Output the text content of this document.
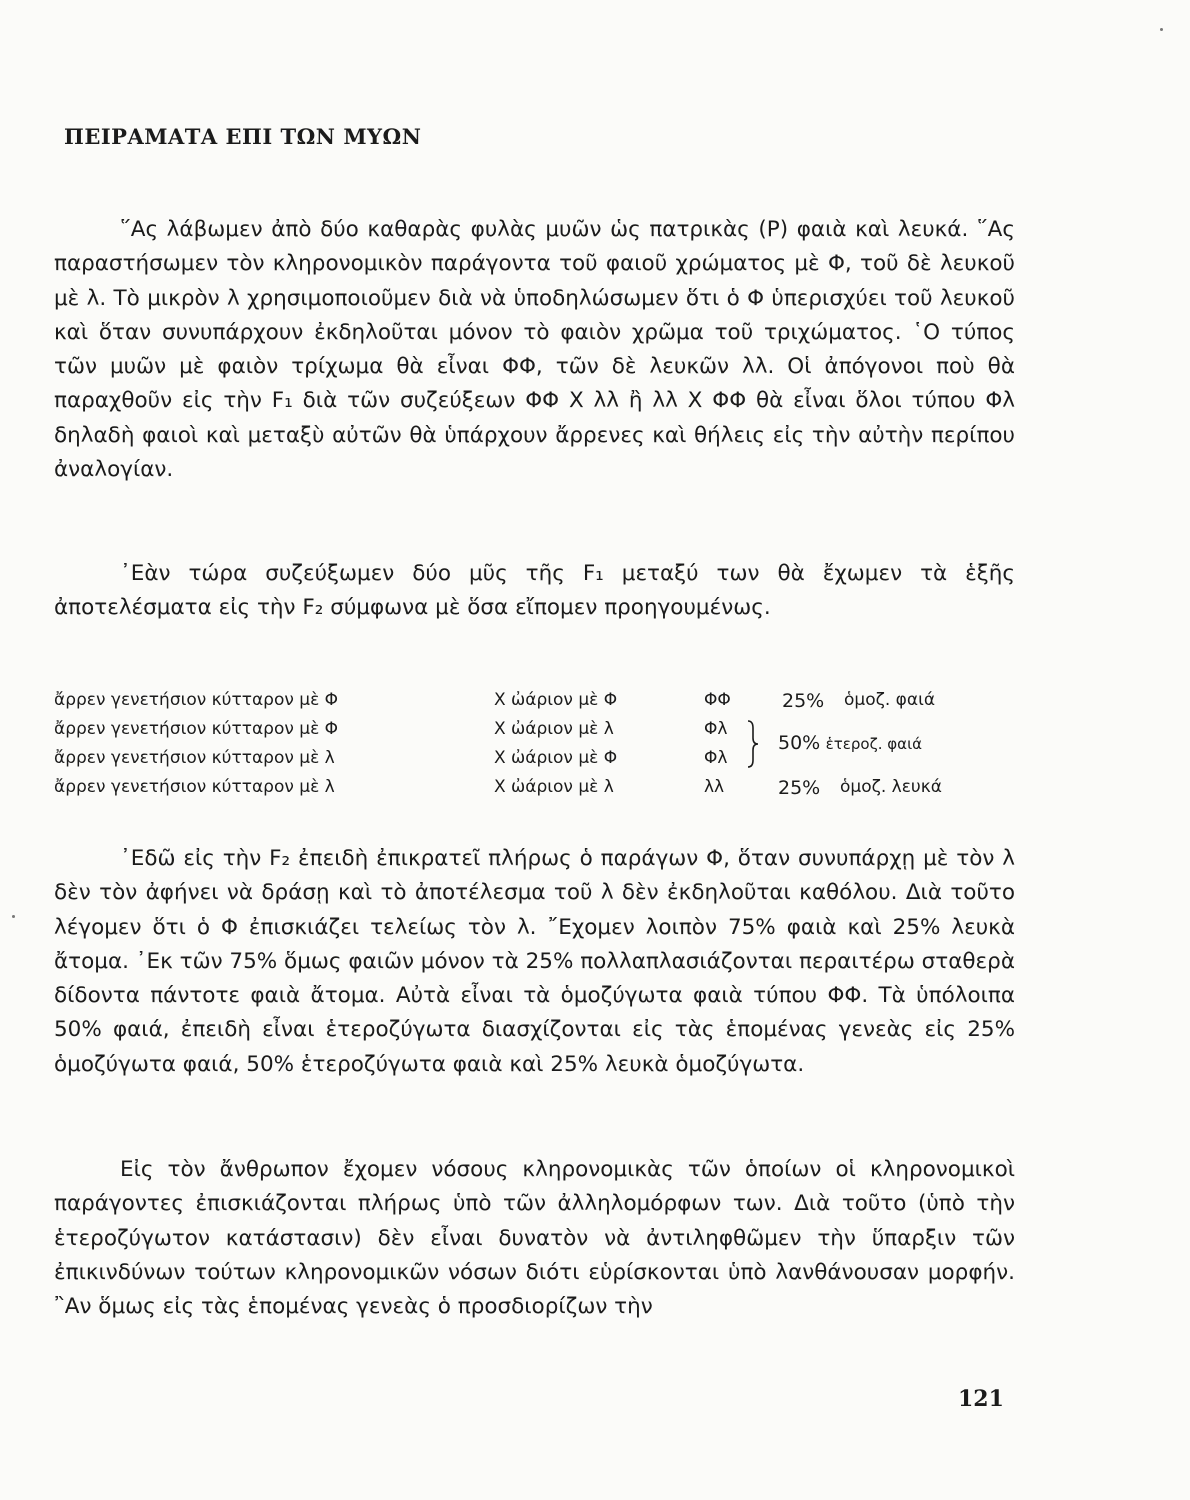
ΠΕΙΡΑΜΑΤΑ ΕΠΙ ΤΩΝ ΜΥΩΝ

῞Ας λάβωμεν ἀπὸ δύο καθαρὰς φυλὰς μυῶν ὡς πατρικὰς (Ρ) φαιὰ καὶ λευκά. ῞Ας παραστήσωμεν τὸν κληρονομικὸν παράγοντα τοῦ φαιοῦ χρώματος μὲ Φ, τοῦ δὲ λευκοῦ μὲ λ. Τὸ μικρὸν λ χρησιμοποιοῦμεν διὰ νὰ ὑποδηλώσωμεν ὅτι ὁ Φ ὑπερισχύει τοῦ λευκοῦ καὶ ὅταν συνυπάρχουν ἐκδηλοῦται μόνον τὸ φαιὸν χρῶμα τοῦ τριχώματος. ῾Ο τύπος τῶν μυῶν μὲ φαιὸν τρίχωμα θὰ εἶναι ΦΦ, τῶν δὲ λευκῶν λλ. Οἱ ἀπόγονοι ποὺ θὰ παραχθοῦν εἰς τὴν F₁ διὰ τῶν συζεύξεων ΦΦ Χ λλ ἢ λλ Χ ΦΦ θὰ εἶναι ὅλοι τύπου Φλ δηλαδὴ φαιοὶ καὶ μεταξὺ αὐτῶν θὰ ὑπάρχουν ἄρρενες καὶ θήλεις εἰς τὴν αὐτὴν περίπου ἀναλογίαν.

᾿Εὰν τώρα συζεύξωμεν δύο μῦς τῆς F₁ μεταξύ των θὰ ἔχωμεν τὰ ἑξῆς ἀποτελέσματα εἰς τὴν F₂ σύμφωνα μὲ ὅσα εἴπομεν προηγουμένως.

ἄρρεν γενετήσιον κύτταρον μὲ Φ	Χ ὠάριον μὲ Φ	ΦΦ	25% ὁμοζ. φαιά
ἄρρεν γενετήσιον κύτταρον μὲ Φ	Χ ὠάριον μὲ λ	Φλ
ἄρρεν γενετήσιον κύτταρον μὲ λ	Χ ὠάριον μὲ Φ	Φλ
50% ἑτεροζ. φαιά
ἄρρεν γενετήσιον κύτταρον μὲ λ	Χ ὠάριον μὲ λ	λλ	25% ὁμοζ. λευκά

᾿Εδῶ εἰς τὴν F₂ ἐπειδὴ ἐπικρατεῖ πλήρως ὁ παράγων Φ, ὅταν συνυπάρχῃ μὲ τὸν λ δὲν τὸν ἀφήνει νὰ δράσῃ καὶ τὸ ἀποτέλεσμα τοῦ λ δὲν ἐκδηλοῦται καθόλου. Διὰ τοῦτο λέγομεν ὅτι ὁ Φ ἐπισκιάζει τελείως τὸν λ. ῎Εχομεν λοιπὸν 75% φαιὰ καὶ 25% λευκὰ ἄτομα. ᾿Εκ τῶν 75% ὅμως φαιῶν μόνον τὰ 25% πολλαπλασιάζονται περαιτέρω σταθερὰ δίδοντα πάντοτε φαιὰ ἄτομα. Αὐτὰ εἶναι τὰ ὁμοζύγωτα φαιὰ τύπου ΦΦ. Τὰ ὑπόλοιπα 50% φαιά, ἐπειδὴ εἶναι ἑτεροζύγωτα διασχίζονται εἰς τὰς ἑπομένας γενεὰς εἰς 25% ὁμοζύγωτα φαιά, 50% ἑτεροζύγωτα φαιὰ καὶ 25% λευκὰ ὁμοζύγωτα.

Εἰς τὸν ἄνθρωπον ἔχομεν νόσους κληρονομικὰς τῶν ὁποίων οἱ κληρονομικοὶ παράγοντες ἐπισκιάζονται πλήρως ὑπὸ τῶν ἀλληλομόρφων των. Διὰ τοῦτο (ὑπὸ τὴν ἑτεροζύγωτον κατάστασιν) δὲν εἶναι δυνατὸν νὰ ἀντιληφθῶμεν τὴν ὕπαρξιν τῶν ἐπικινδύνων τούτων κληρονομικῶν νόσων διότι εὑρίσκονται ὑπὸ λανθάνουσαν μορφήν. ῍Αν ὅμως εἰς τὰς ἑπομένας γενεὰς ὁ προσδιορίζων τὴν

121
